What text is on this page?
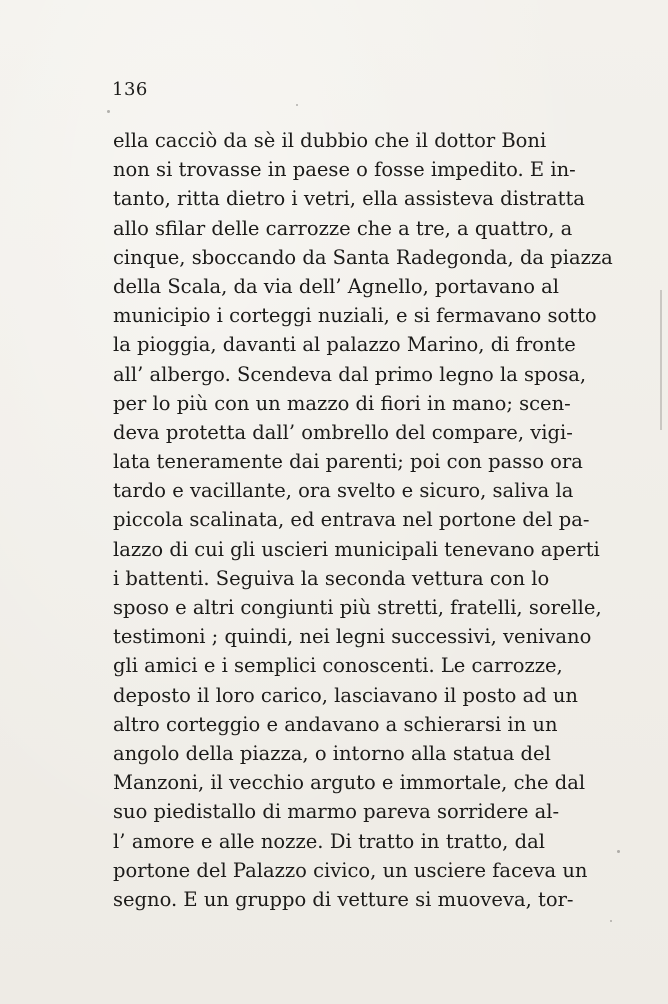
136
ella cacciò da sè il dubbio che il dottor Boni
non si trovasse in paese o fosse impedito. E in-
tanto, ritta dietro i vetri, ella assisteva distratta
allo sfilar delle carrozze che a tre, a quattro, a
cinque, sboccando da Santa Radegonda, da piazza
della Scala, da via dell’ Agnello, portavano al
municipio i corteggi nuziali, e si fermavano sotto
la pioggia, davanti al palazzo Marino, di fronte
all’ albergo. Scendeva dal primo legno la sposa,
per lo più con un mazzo di fiori in mano; scen-
deva protetta dall’ ombrello del compare, vigi-
lata teneramente dai parenti; poi con passo ora
tardo e vacillante, ora svelto e sicuro, saliva la
piccola scalinata, ed entrava nel portone del pa-
lazzo di cui gli uscieri municipali tenevano aperti
i battenti. Seguiva la seconda vettura con lo
sposo e altri congiunti più stretti, fratelli, sorelle,
testimoni ; quindi, nei legni successivi, venivano
gli amici e i semplici conoscenti. Le carrozze,
deposto il loro carico, lasciavano il posto ad un
altro corteggio e andavano a schierarsi in un
angolo della piazza, o intorno alla statua del
Manzoni, il vecchio arguto e immortale, che dal
suo piedistallo di marmo pareva sorridere al-
l’ amore e alle nozze. Di tratto in tratto, dal
portone del Palazzo civico, un usciere faceva un
segno. E un gruppo di vetture si muoveva, tor-
